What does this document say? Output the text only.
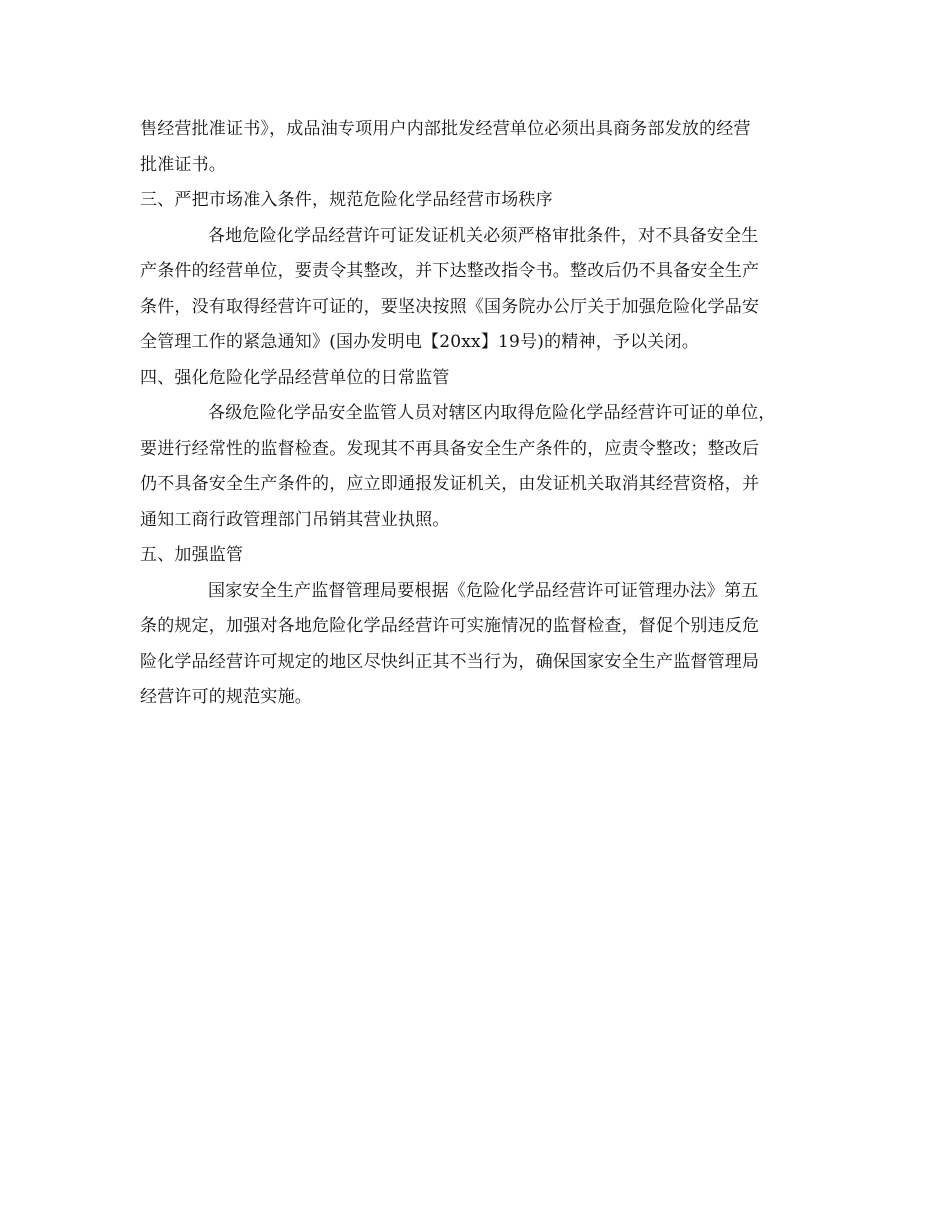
售经营批准证书》，成品油专项用户内部批发经营单位必须出具商务部发放的经营
批准证书。
三、严把市场准入条件，规范危险化学品经营市场秩序
各地危险化学品经营许可证发证机关必须严格审批条件，对不具备安全生
产条件的经营单位，要责令其整改，并下达整改指令书。整改后仍不具备安全生产
条件，没有取得经营许可证的，要坚决按照《国务院办公厅关于加强危险化学品安
全管理工作的紧急通知》(国办发明电【20xx】19号)的精神，予以关闭。
四、强化危险化学品经营单位的日常监管
各级危险化学品安全监管人员对辖区内取得危险化学品经营许可证的单位，
要进行经常性的监督检查。发现其不再具备安全生产条件的，应责令整改；整改后
仍不具备安全生产条件的，应立即通报发证机关，由发证机关取消其经营资格，并
通知工商行政管理部门吊销其营业执照。
五、加强监管
国家安全生产监督管理局要根据《危险化学品经营许可证管理办法》第五
条的规定，加强对各地危险化学品经营许可实施情况的监督检查，督促个别违反危
险化学品经营许可规定的地区尽快纠正其不当行为，确保国家安全生产监督管理局
经营许可的规范实施。
